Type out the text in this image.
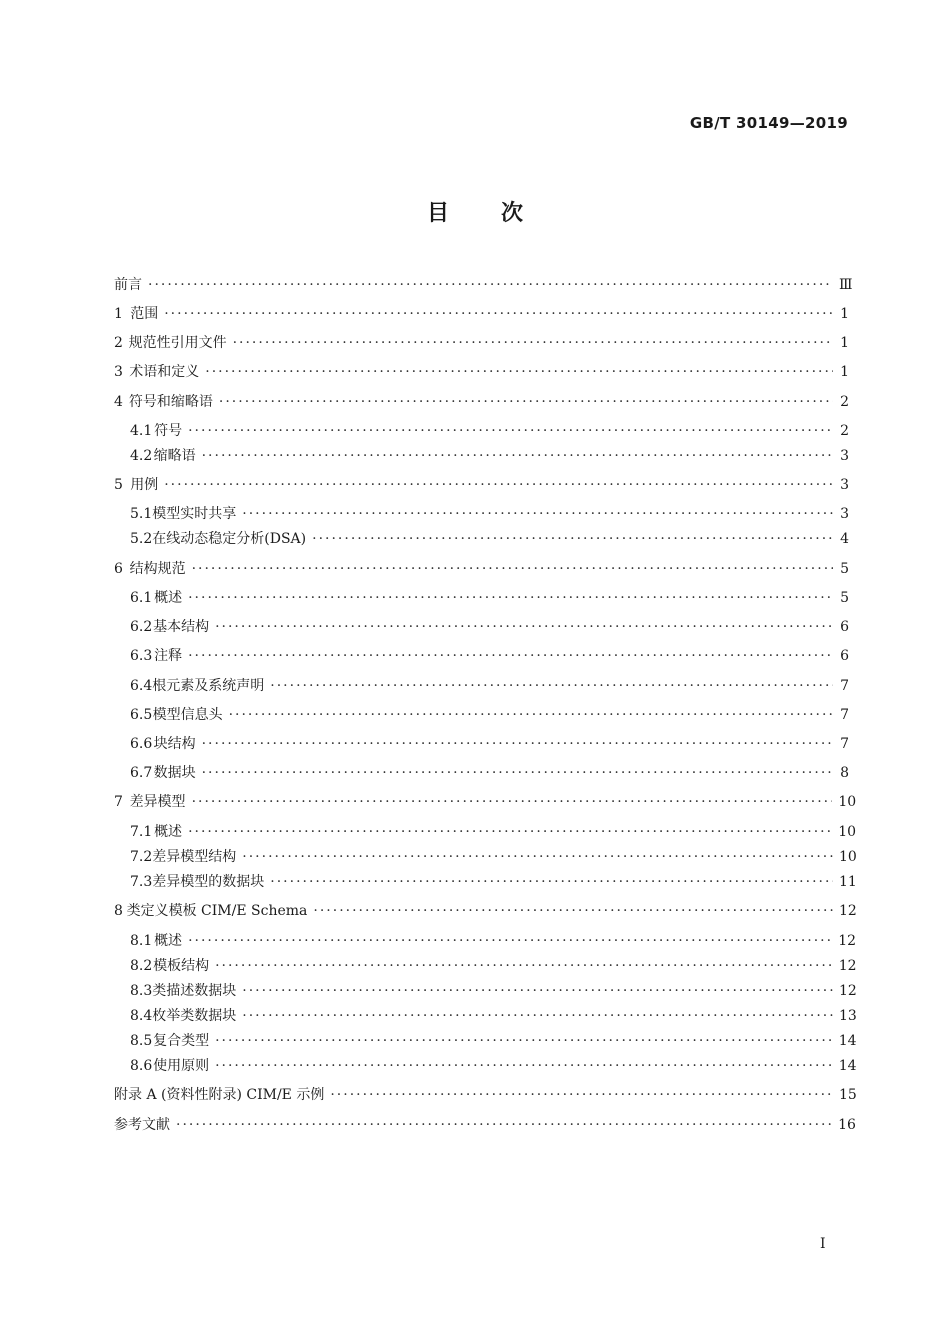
GB/T 30149—2019
目次
前言 ·····	Ⅲ
1 范围 ·····	1
2 规范性引用文件 ·····	1
3 术语和定义 ·····	1
4 符号和缩略语 ·····	2
4.1 符号 ·····	2
4.2 缩略语 ·····	3
5 用例 ·····	3
5.1 模型实时共享 ·····	3
5.2 在线动态稳定分析(DSA) ·····	4
6 结构规范 ·····	5
6.1 概述 ·····	5
6.2 基本结构 ·····	6
6.3 注释 ·····	6
6.4 根元素及系统声明 ·····	7
6.5 模型信息头 ·····	7
6.6 块结构 ·····	7
6.7 数据块 ·····	8
7 差异模型 ·····	10
7.1 概述 ·····	10
7.2 差异模型结构 ·····	10
7.3 差异模型的数据块 ·····	11
8 类定义模板 CIM/E Schema ·····	12
8.1 概述 ·····	12
8.2 模板结构 ·····	12
8.3 类描述数据块 ·····	12
8.4 枚举类数据块 ·····	13
8.5 复合类型 ·····	14
8.6 使用原则 ·····	14
附录 A (资料性附录) CIM/E 示例 ·····	15
参考文献 ·····	16
I
